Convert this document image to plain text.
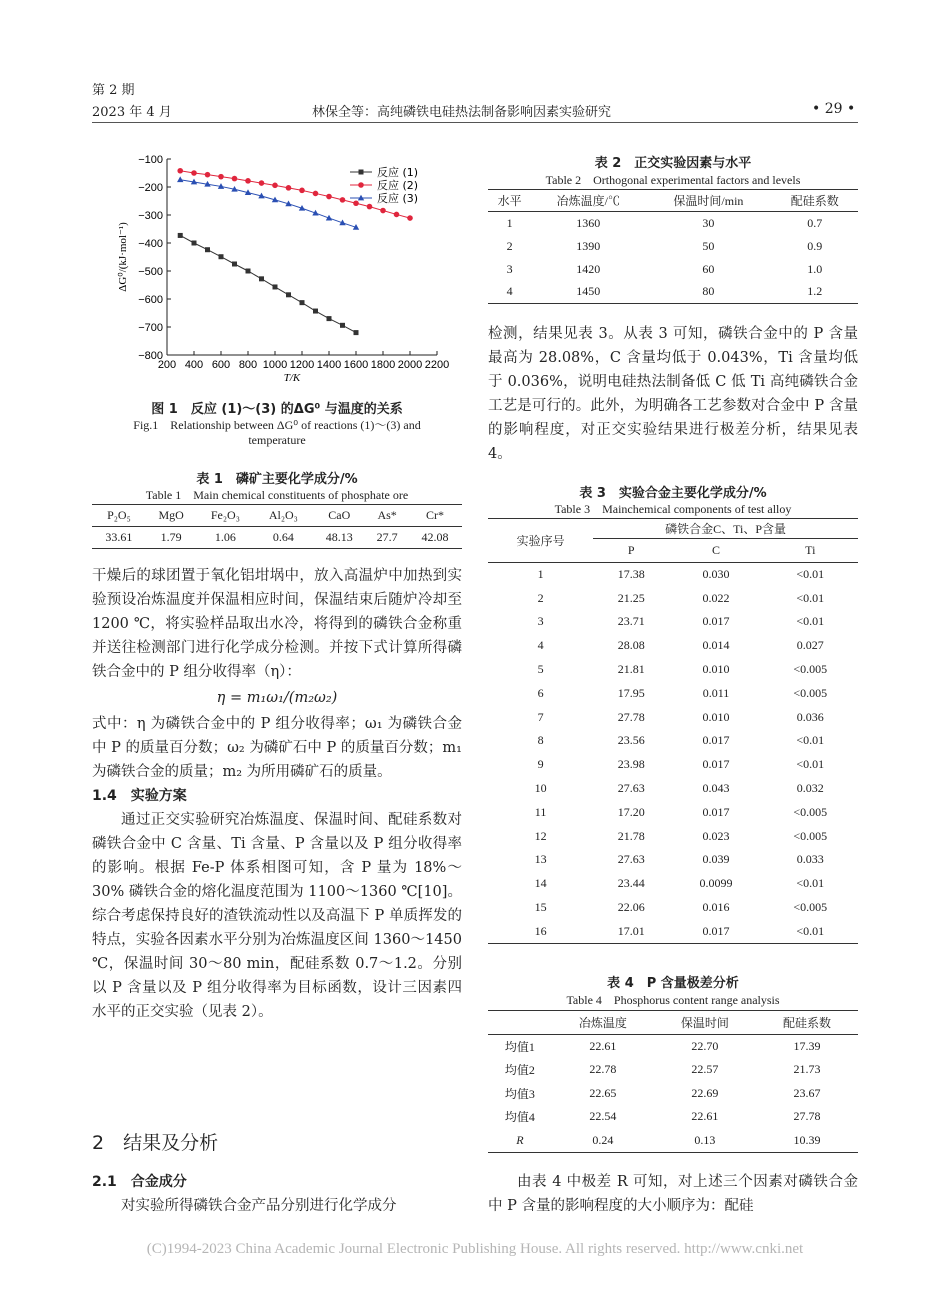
第 2 期
2023 年 4 月	林保全等：高纯磷铁电硅热法制备影响因素实验研究	• 29 •
−100
−200
−300
−400
−500
−600
−700
−800
200 400 600 800 1000 1200 1400 1600 1800 2000 2200
T/K
ΔG⁰/(kJ·mol⁻¹)
反应 (1)
反应 (2)
反应 (3)
图 1　反应 (1)～(3) 的ΔG⁰ 与温度的关系
Fig.1　Relationship between ΔG⁰ of reactions (1)～(3) and
temperature
表 1　磷矿主要化学成分/%
Table 1　Main chemical constituents of phosphate ore
P₂O₅	MgO	Fe₂O₃	Al₂O₃	CaO	As*	Cr*
33.61	1.79	1.06	0.64	48.13	27.7	42.08

干燥后的球团置于氧化铝坩埚中，放入高温炉中加热到实验预设冶炼温度并保温相应时间，保温结束后随炉冷却至 1200 ℃，将实验样品取出水冷，将得到的磷铁合金称重并送往检测部门进行化学成分检测。并按下式计算所得磷铁合金中的 P 组分收得率（η）：

η = m₁ω₁/(m₂ω₂)

式中：η 为磷铁合金中的 P 组分收得率；ω₁ 为磷铁合金中 P 的质量百分数；ω₂ 为磷矿石中 P 的质量百分数；m₁ 为磷铁合金的质量；m₂ 为所用磷矿石的质量。

1.4　实验方案

通过正交实验研究冶炼温度、保温时间、配硅系数对磷铁合金中 C 含量、Ti 含量、P 含量以及 P 组分收得率的影响。根据 Fe-P 体系相图可知，含 P 量为 18%～30% 磷铁合金的熔化温度范围为 1100～1360 ℃[10]。综合考虑保持良好的渣铁流动性以及高温下 P 单质挥发的特点，实验各因素水平分别为冶炼温度区间 1360～1450 ℃，保温时间 30～80 min，配硅系数 0.7～1.2。分别以 P 含量以及 P 组分收得率为目标函数，设计三因素四水平的正交实验（见表 2）。

2　结果及分析
2.1　合金成分
对实验所得磷铁合金产品分别进行化学成分
表 2　正交实验因素与水平
Table 2　Orthogonal experimental factors and levels
水平	冶炼温度/℃	保温时间/min	配硅系数
1	1360	30	0.7
2	1390	50	0.9
3	1420	60	1.0
4	1450	80	1.2
检测，结果见表 3。从表 3 可知，磷铁合金中的 P 含量最高为 28.08%，C 含量均低于 0.043%，Ti 含量均低于 0.036%，说明电硅热法制备低 C 低 Ti 高纯磷铁合金工艺是可行的。此外，为明确各工艺参数对合金中 P 含量的影响程度，对正交实验结果进行极差分析，结果见表 4。
表 3　实验合金主要化学成分/%
Table 3　Mainchemical components of test alloy
实验序号	磷铁合金C、Ti、P含量		
	P	C	Ti
1	17.38	0.030	<0.01
2	21.25	0.022	<0.01
3	23.71	0.017	<0.01
4	28.08	0.014	0.027
5	21.81	0.010	<0.005
6	17.95	0.011	<0.005
7	27.78	0.010	0.036
8	23.56	0.017	<0.01
9	23.98	0.017	<0.01
10	27.63	0.043	0.032
11	17.20	0.017	<0.005
12	21.78	0.023	<0.005
13	27.63	0.039	0.033
14	23.44	0.0099	<0.01
15	22.06	0.016	<0.005
16	17.01	0.017	<0.01
表 4　P 含量极差分析
Table 4　Phosphorus content range analysis
	冶炼温度	保温时间	配硅系数
均值1	22.61	22.70	17.39
均值2	22.78	22.57	21.73
均值3	22.65	22.69	23.67
均值4	22.54	22.61	27.78
R	0.24	0.13	10.39
由表 4 中极差 R 可知，对上述三个因素对磷铁合金中 P 含量的影响程度的大小顺序为：配硅
(C)1994-2023 China Academic Journal Electronic Publishing House. All rights reserved. http://www.cnki.net
